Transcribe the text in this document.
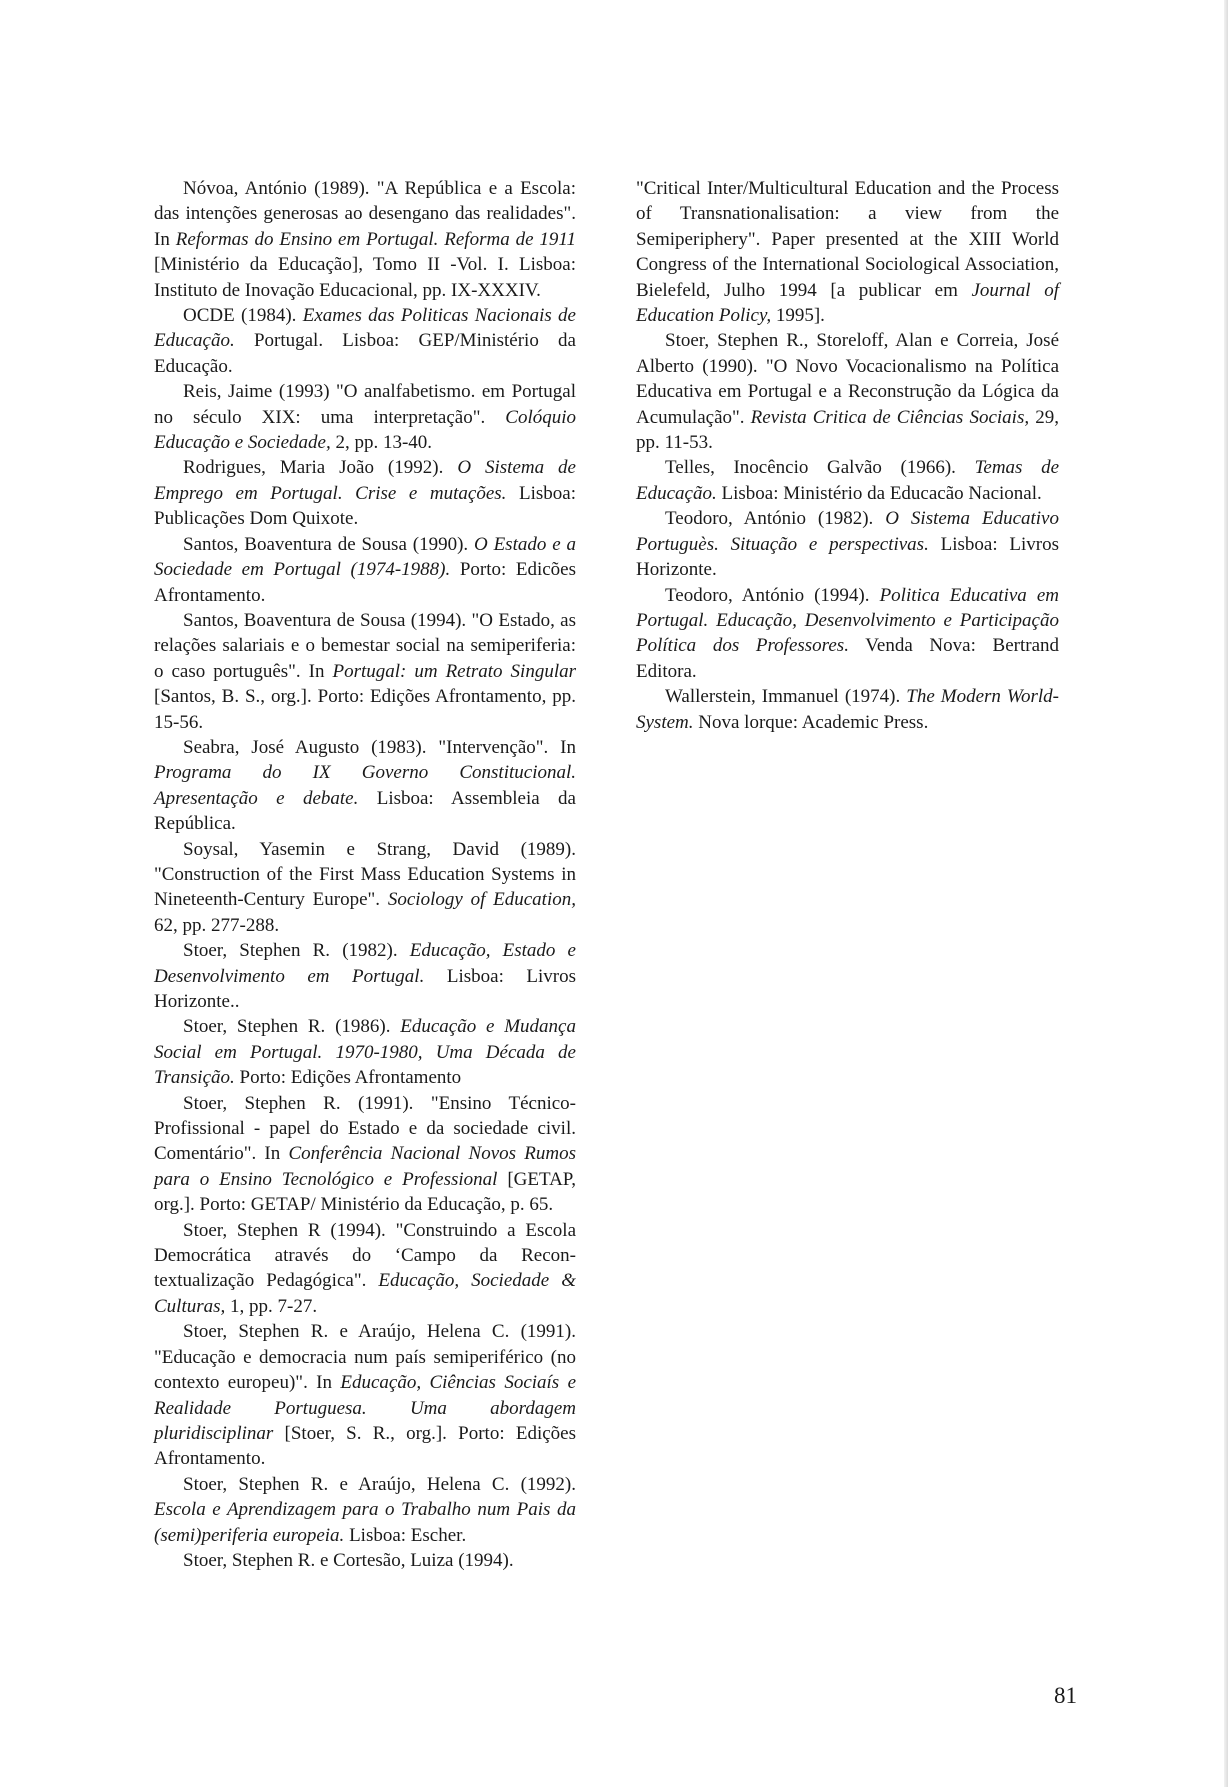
Nóvoa, António (1989). "A República e a Escola: das intenções generosas ao desengano das realidades". In Reformas do Ensino em Portugal. Reforma de 1911 [Ministério da Educação], Tomo II -Vol. I. Lisboa: Instituto de Inovação Educacional, pp. IX-XXXIV.

OCDE (1984). Exames das Politicas Nacionais de Educação. Portugal. Lisboa: GEP/Ministério da Educação.

Reis, Jaime (1993) "O analfabetismo. em Portugal no século XIX: uma interpretação". Colóquio Educação e Sociedade, 2, pp. 13-40.

Rodrigues, Maria João (1992). O Sistema de Emprego em Portugal. Crise e mutações. Lisboa: Publicações Dom Quixote.

Santos, Boaventura de Sousa (1990). O Estado e a Sociedade em Portugal (1974-1988). Porto: Edicões Afrontamento.

Santos, Boaventura de Sousa (1994). "O Estado, as relações salariais e o bemestar social na semiperiferia: o caso português". In Portugal: um Retrato Singular [Santos, B. S., org.]. Porto: Edições Afrontamento, pp. 15-56.

Seabra, José Augusto (1983). "Intervenção". In Programa do IX Governo Constitucional. Apresentação e debate. Lisboa: Assembleia da República.

Soysal, Yasemin e Strang, David (1989). "Construction of the First Mass Education Systems in Nineteenth-Century Europe". Sociology of Education, 62, pp. 277-288.

Stoer, Stephen R. (1982). Educação, Estado e Desenvolvimento em Portugal. Lisboa: Livros Horizonte..

Stoer, Stephen R. (1986). Educação e Mudança Social em Portugal. 1970-1980, Uma Década de Transição. Porto: Edições Afrontamento

Stoer, Stephen R. (1991). "Ensino Técnico-Profissional - papel do Estado e da sociedade civil. Comentário". In Conferência Nacional Novos Rumos para o Ensino Tecnológico e Professional [GETAP, org.]. Porto: GETAP/ Ministério da Educação, p. 65.

Stoer, Stephen R (1994). "Construindo a Escola Democrática através do ‘Campo da Recon-textualização Pedagógica". Educação, Sociedade & Culturas, 1, pp. 7-27.

Stoer, Stephen R. e Araújo, Helena C. (1991). "Educação e democracia num país semiperiférico (no contexto europeu)". In Educação, Ciências Sociaís e Realidade Portuguesa. Uma abordagem pluridisciplinar [Stoer, S. R., org.]. Porto: Edições Afrontamento.

Stoer, Stephen R. e Araújo, Helena C. (1992). Escola e Aprendizagem para o Trabalho num Pais da (semi)periferia europeia. Lisboa: Escher.

Stoer, Stephen R. e Cortesão, Luiza (1994).

"Critical Inter/Multicultural Education and the Process of Transnationalisation: a view from the Semiperiphery". Paper presented at the XIII World Congress of the International Sociological Association, Bielefeld, Julho 1994 [a publicar em Journal of Education Policy, 1995].

Stoer, Stephen R., Storeloff, Alan e Correia, José Alberto (1990). "O Novo Vocacionalismo na Política Educativa em Portugal e a Reconstrução da Lógica da Acumulação". Revista Critica de Ciências Sociais, 29, pp. 11-53.

Telles, Inocêncio Galvão (1966). Temas de Educação. Lisboa: Ministério da Educacão Nacional.

Teodoro, António (1982). O Sistema Educativo Portuguès. Situação e perspectivas. Lisboa: Livros Horizonte.

Teodoro, António (1994). Politica Educativa em Portugal. Educação, Desenvolvimento e Participação Política dos Professores. Venda Nova: Bertrand Editora.

Wallerstein, Immanuel (1974). The Modern World-System. Nova lorque: Academic Press.

81
